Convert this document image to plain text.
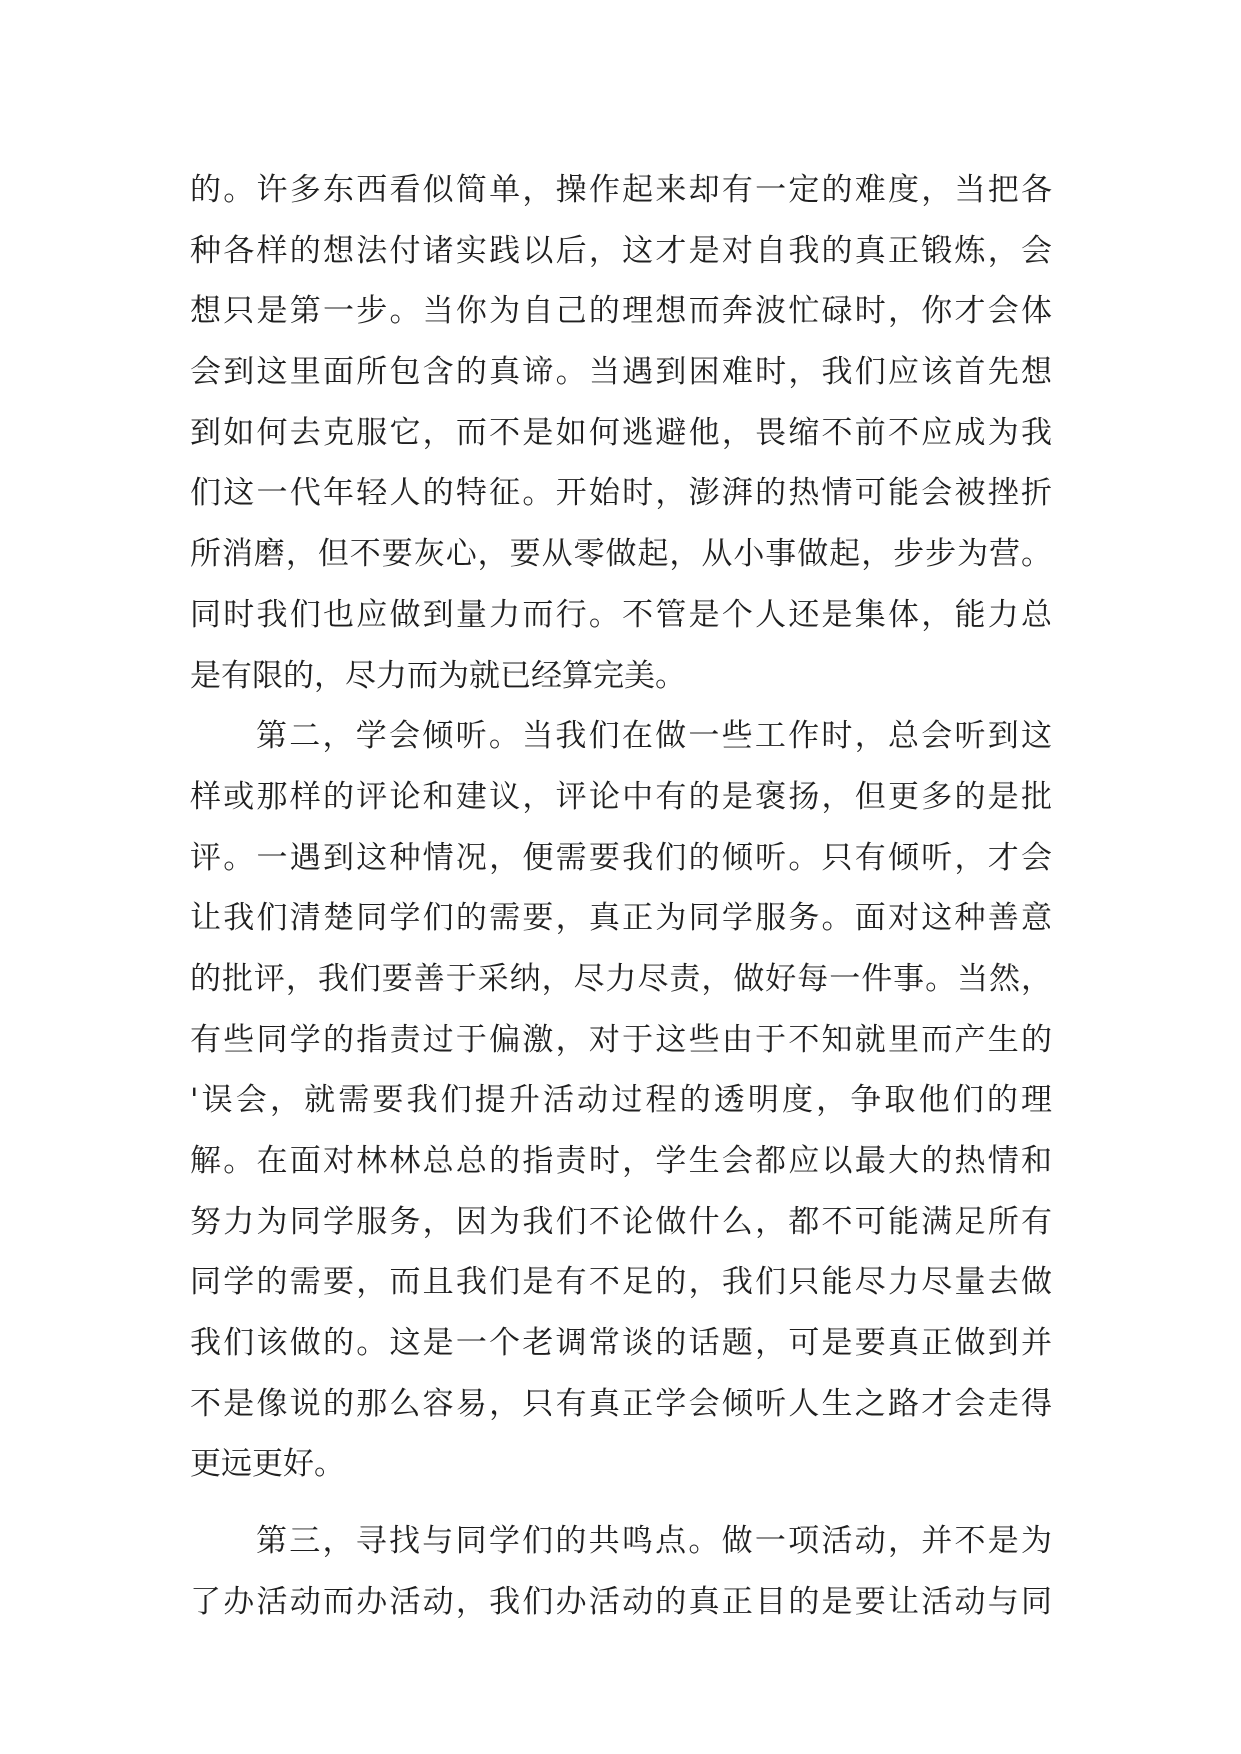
的。许多东西看似简单，操作起来却有一定的难度，当把各
种各样的想法付诸实践以后，这才是对自我的真正锻炼，会
想只是第一步。当你为自己的理想而奔波忙碌时，你才会体
会到这里面所包含的真谛。当遇到困难时，我们应该首先想
到如何去克服它，而不是如何逃避他，畏缩不前不应成为我
们这一代年轻人的特征。开始时，澎湃的热情可能会被挫折
所消磨，但不要灰心，要从零做起，从小事做起，步步为营。
同时我们也应做到量力而行。不管是个人还是集体，能力总
是有限的，尽力而为就已经算完美。
第二，学会倾听。当我们在做一些工作时，总会听到这
样或那样的评论和建议，评论中有的是褒扬，但更多的是批
评。一遇到这种情况，便需要我们的倾听。只有倾听，才会
让我们清楚同学们的需要，真正为同学服务。面对这种善意
的批评，我们要善于采纳，尽力尽责，做好每一件事。当然，
有些同学的指责过于偏激，对于这些由于不知就里而产生的
'误会，就需要我们提升活动过程的透明度，争取他们的理
解。在面对林林总总的指责时，学生会都应以最大的热情和
努力为同学服务，因为我们不论做什么，都不可能满足所有
同学的需要，而且我们是有不足的，我们只能尽力尽量去做
我们该做的。这是一个老调常谈的话题，可是要真正做到并
不是像说的那么容易，只有真正学会倾听人生之路才会走得
更远更好。
第三，寻找与同学们的共鸣点。做一项活动，并不是为
了办活动而办活动，我们办活动的真正目的是要让活动与同
